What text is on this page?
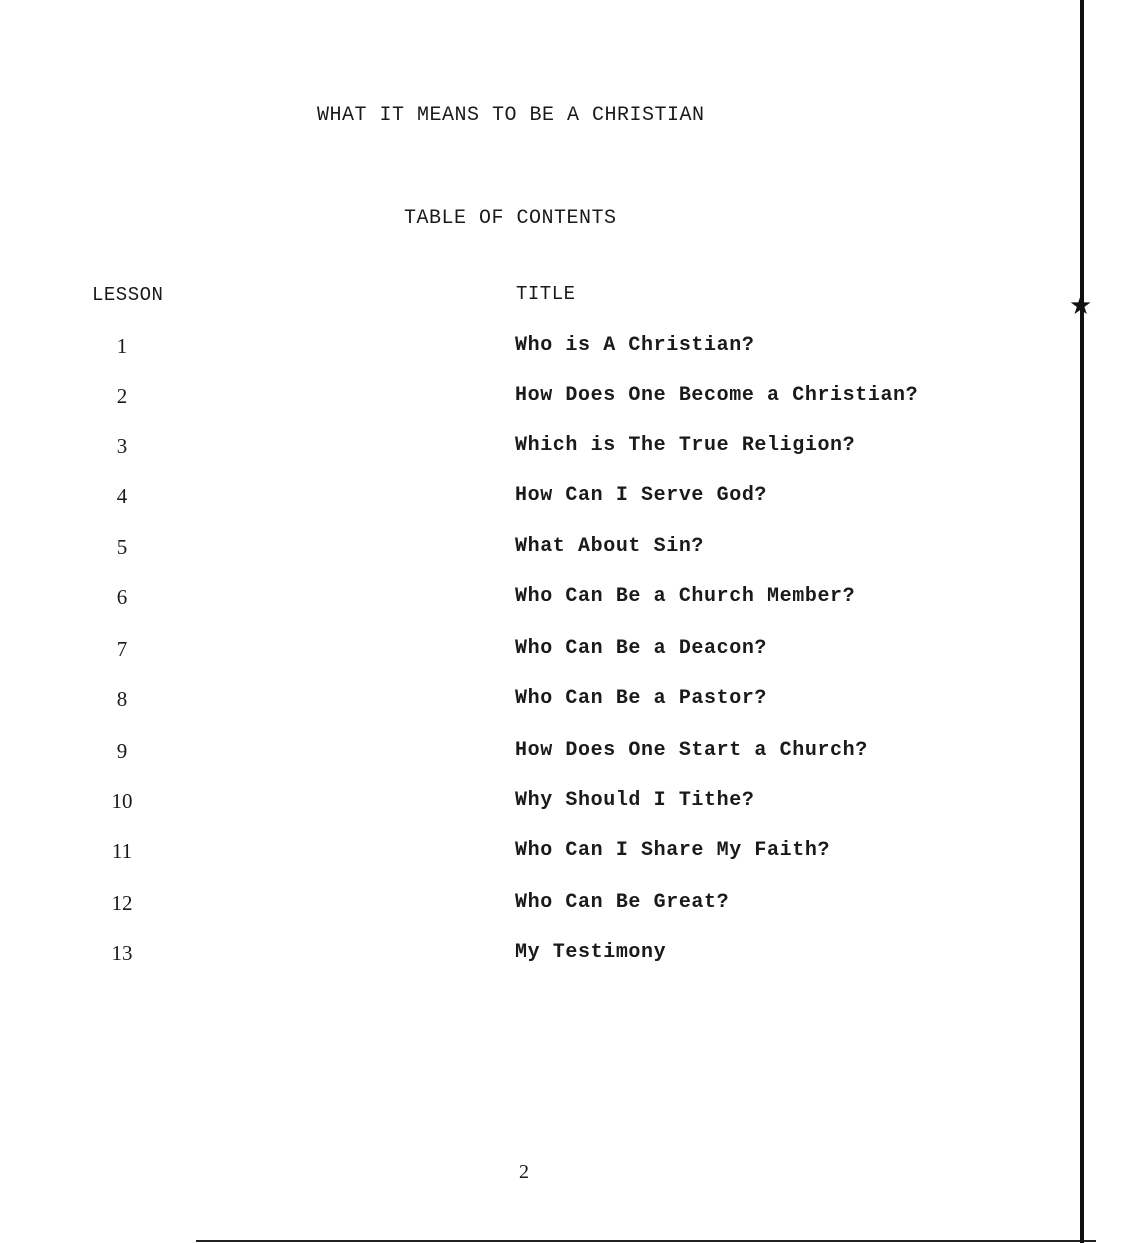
WHAT IT MEANS TO BE A CHRISTIAN
TABLE OF CONTENTS
LESSON	TITLE
1	Who is A Christian?
2	How Does One Become a Christian?
3	Which is The True Religion?
4	How Can I Serve God?
5	What About Sin?
6	Who Can Be a Church Member?
7	Who Can Be a Deacon?
8	Who Can Be a Pastor?
9	How Does One Start a Church?
10	Why Should I Tithe?
11	Who Can I Share My Faith?
12	Who Can Be Great?
13	My Testimony
2
★
